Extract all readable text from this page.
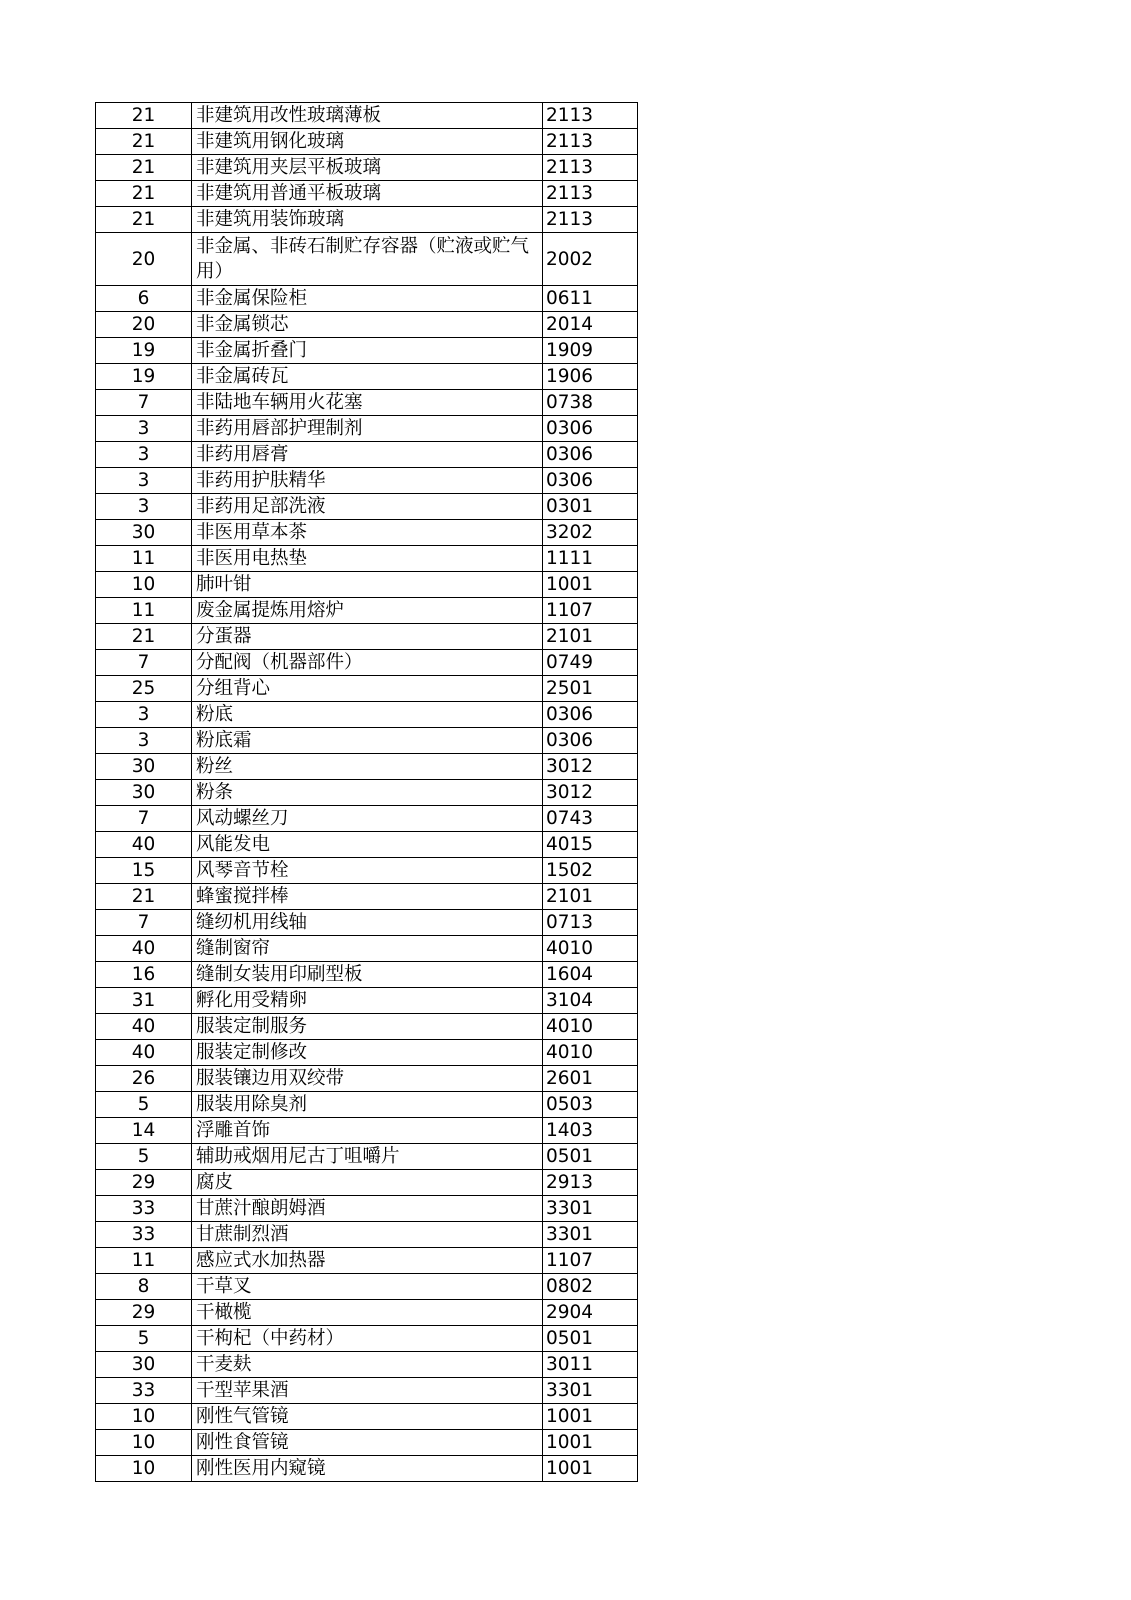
21	非建筑用改性玻璃薄板	2113
21	非建筑用钢化玻璃	2113
21	非建筑用夹层平板玻璃	2113
21	非建筑用普通平板玻璃	2113
21	非建筑用装饰玻璃	2113
20	非金属、非砖石制贮存容器（贮液或贮气用）	2002
6	非金属保险柜	0611
20	非金属锁芯	2014
19	非金属折叠门	1909
19	非金属砖瓦	1906
7	非陆地车辆用火花塞	0738
3	非药用唇部护理制剂	0306
3	非药用唇膏	0306
3	非药用护肤精华	0306
3	非药用足部洗液	0301
30	非医用草本茶	3202
11	非医用电热垫	1111
10	肺叶钳	1001
11	废金属提炼用熔炉	1107
21	分蛋器	2101
7	分配阀（机器部件）	0749
25	分组背心	2501
3	粉底	0306
3	粉底霜	0306
30	粉丝	3012
30	粉条	3012
7	风动螺丝刀	0743
40	风能发电	4015
15	风琴音节栓	1502
21	蜂蜜搅拌棒	2101
7	缝纫机用线轴	0713
40	缝制窗帘	4010
16	缝制女装用印刷型板	1604
31	孵化用受精卵	3104
40	服装定制服务	4010
40	服装定制修改	4010
26	服装镶边用双绞带	2601
5	服装用除臭剂	0503
14	浮雕首饰	1403
5	辅助戒烟用尼古丁咀嚼片	0501
29	腐皮	2913
33	甘蔗汁酿朗姆酒	3301
33	甘蔗制烈酒	3301
11	感应式水加热器	1107
8	干草叉	0802
29	干橄榄	2904
5	干枸杞（中药材）	0501
30	干麦麸	3011
33	干型苹果酒	3301
10	刚性气管镜	1001
10	刚性食管镜	1001
10	刚性医用内窥镜	1001
